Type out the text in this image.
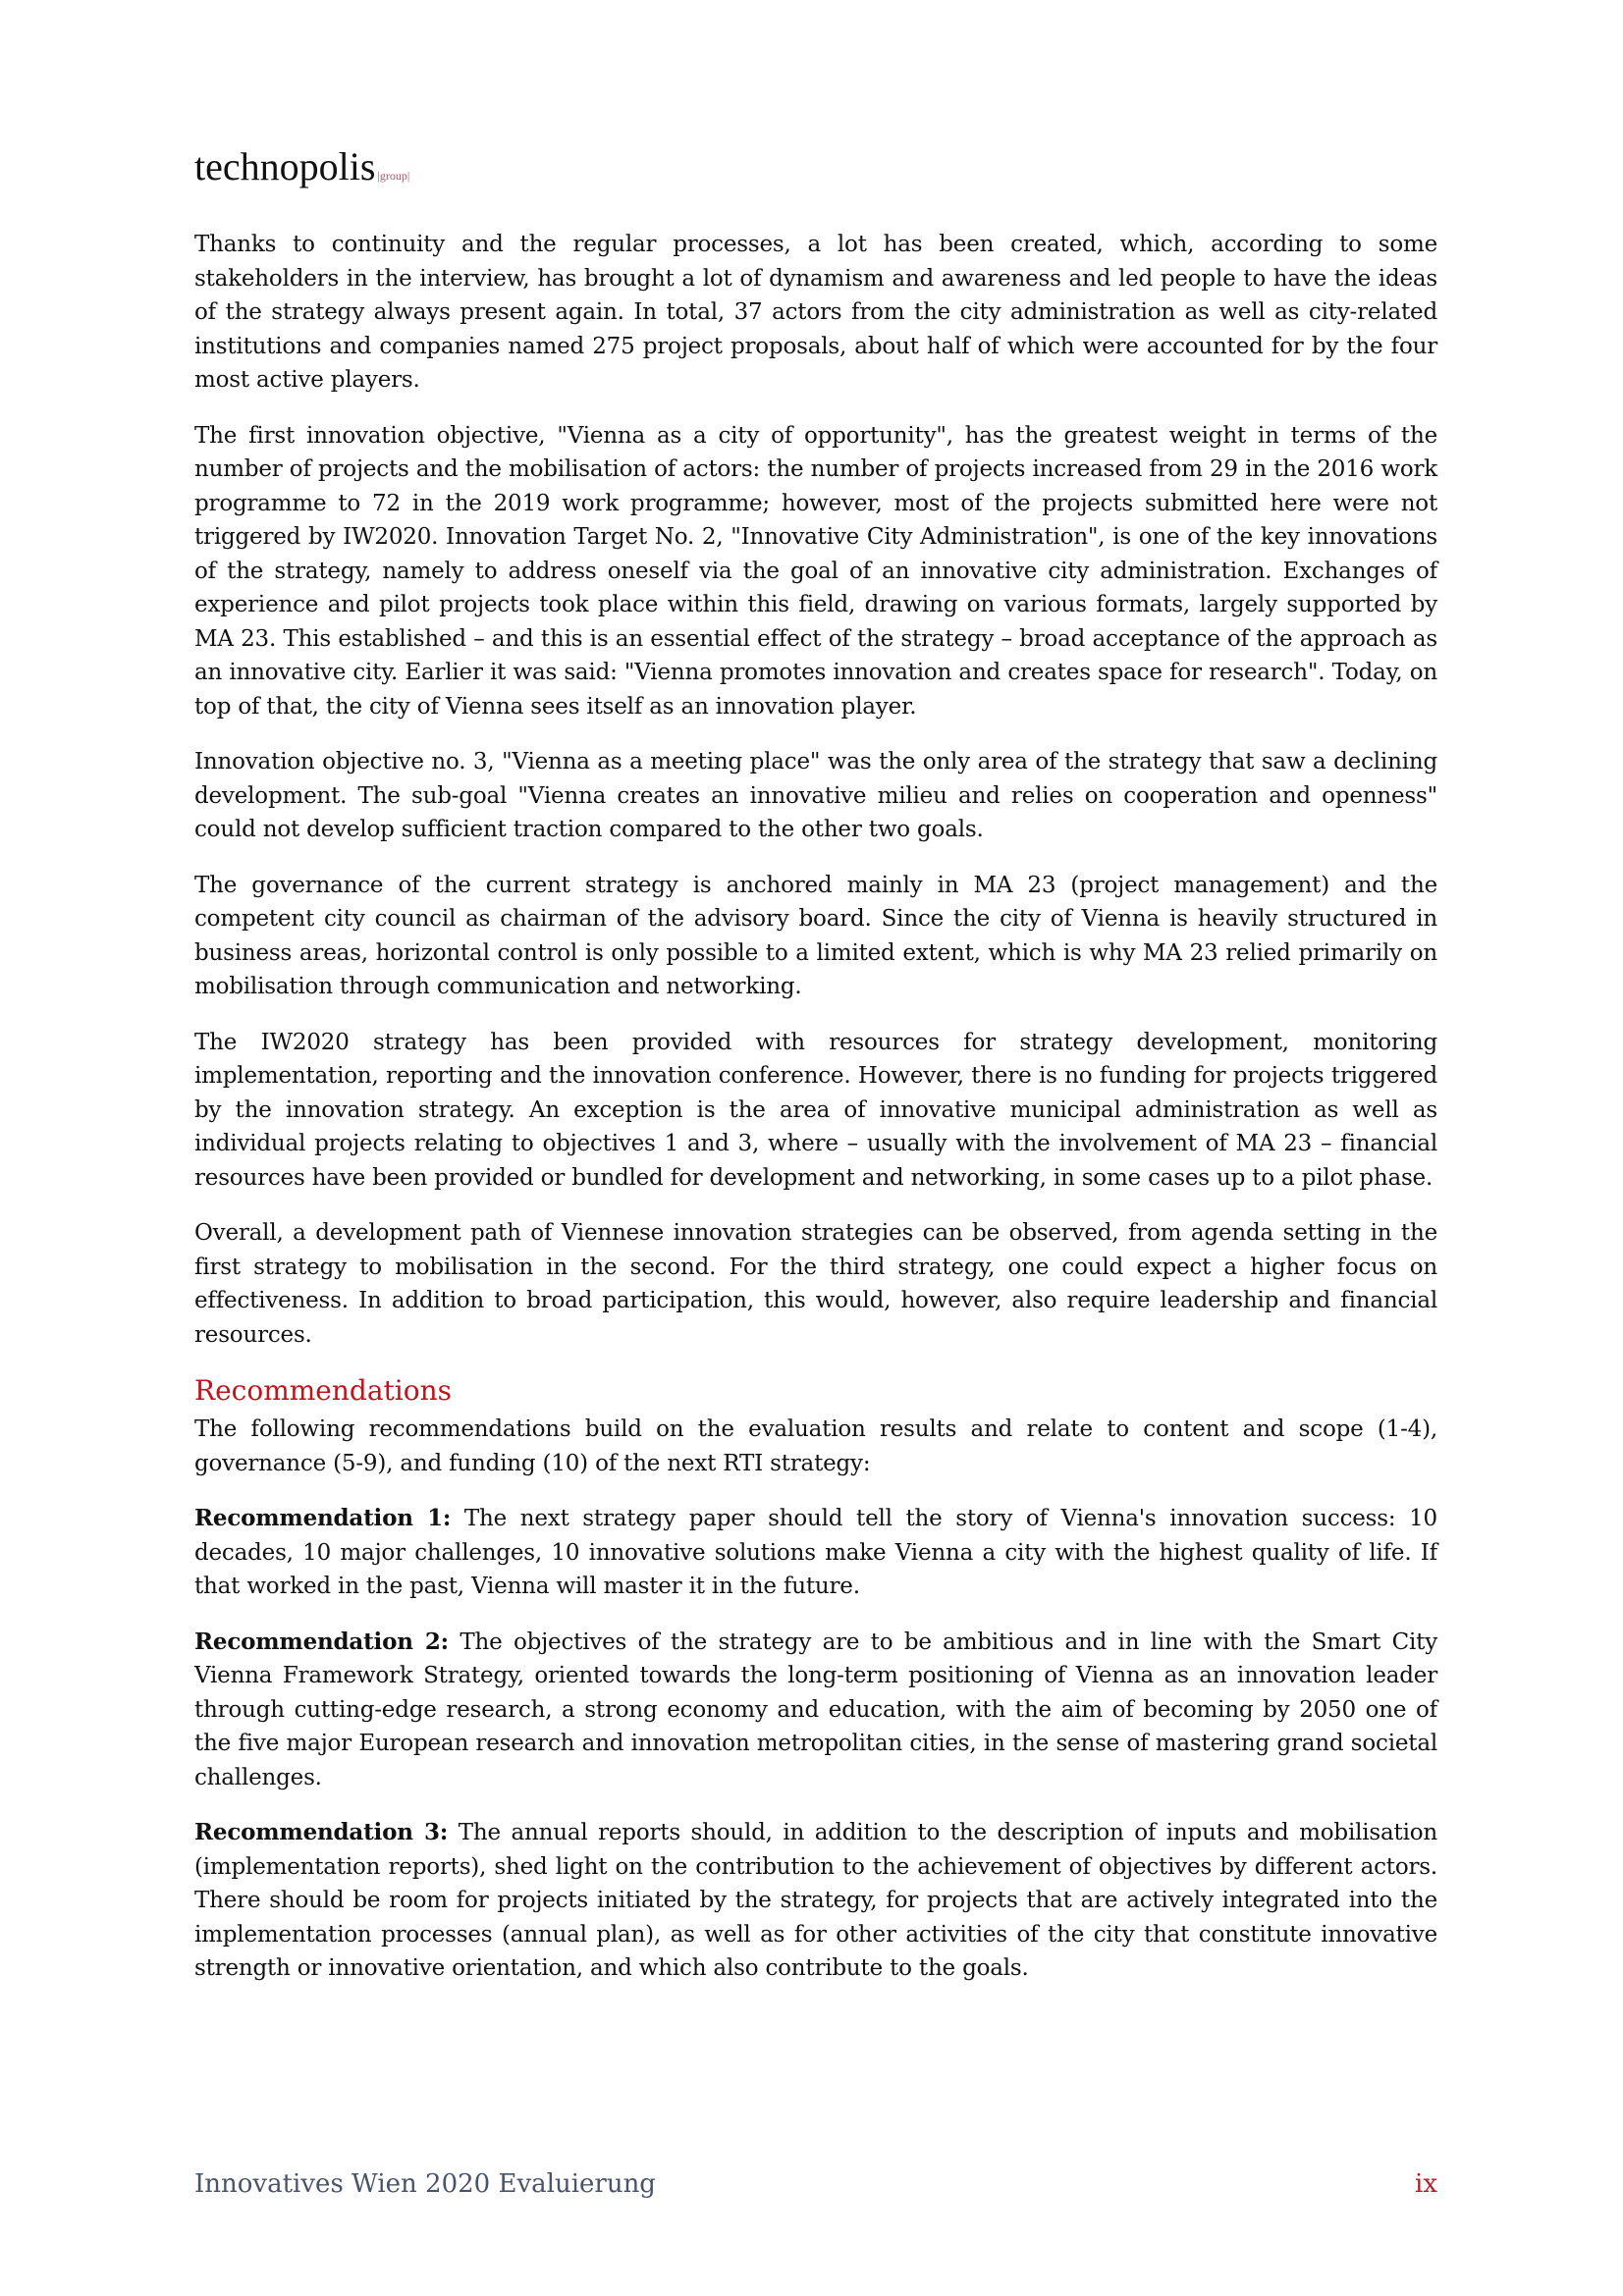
technopolis |group|

Thanks to continuity and the regular processes, a lot has been created, which, according to some stakeholders in the interview, has brought a lot of dynamism and awareness and led people to have the ideas of the strategy always present again. In total, 37 actors from the city administration as well as city-related institutions and companies named 275 project proposals, about half of which were accounted for by the four most active players.

The first innovation objective, "Vienna as a city of opportunity", has the greatest weight in terms of the number of projects and the mobilisation of actors: the number of projects increased from 29 in the 2016 work programme to 72 in the 2019 work programme; however, most of the projects submitted here were not triggered by IW2020. Innovation Target No. 2, "Innovative City Administration", is one of the key innovations of the strategy, namely to address oneself via the goal of an innovative city administration. Exchanges of experience and pilot projects took place within this field, drawing on various formats, largely supported by MA 23. This established – and this is an essential effect of the strategy – broad acceptance of the approach as an innovative city. Earlier it was said: "Vienna promotes innovation and creates space for research". Today, on top of that, the city of Vienna sees itself as an innovation player.

Innovation objective no. 3, "Vienna as a meeting place" was the only area of the strategy that saw a declining development. The sub-goal "Vienna creates an innovative milieu and relies on cooperation and openness" could not develop sufficient traction compared to the other two goals.

The governance of the current strategy is anchored mainly in MA 23 (project management) and the competent city council as chairman of the advisory board. Since the city of Vienna is heavily structured in business areas, horizontal control is only possible to a limited extent, which is why MA 23 relied primarily on mobilisation through communication and networking.

The IW2020 strategy has been provided with resources for strategy development, monitoring implementation, reporting and the innovation conference. However, there is no funding for projects triggered by the innovation strategy. An exception is the area of innovative municipal administration as well as individual projects relating to objectives 1 and 3, where – usually with the involvement of MA 23 – financial resources have been provided or bundled for development and networking, in some cases up to a pilot phase.

Overall, a development path of Viennese innovation strategies can be observed, from agenda setting in the first strategy to mobilisation in the second. For the third strategy, one could expect a higher focus on effectiveness. In addition to broad participation, this would, however, also require leadership and financial resources.

Recommendations

The following recommendations build on the evaluation results and relate to content and scope (1-4), governance (5-9), and funding (10) of the next RTI strategy:

Recommendation 1: The next strategy paper should tell the story of Vienna's innovation success: 10 decades, 10 major challenges, 10 innovative solutions make Vienna a city with the highest quality of life. If that worked in the past, Vienna will master it in the future.

Recommendation 2: The objectives of the strategy are to be ambitious and in line with the Smart City Vienna Framework Strategy, oriented towards the long-term positioning of Vienna as an innovation leader through cutting-edge research, a strong economy and education, with the aim of becoming by 2050 one of the five major European research and innovation metropolitan cities, in the sense of mastering grand societal challenges.

Recommendation 3: The annual reports should, in addition to the description of inputs and mobilisation (implementation reports), shed light on the contribution to the achievement of objectives by different actors. There should be room for projects initiated by the strategy, for projects that are actively integrated into the implementation processes (annual plan), as well as for other activities of the city that constitute innovative strength or innovative orientation, and which also contribute to the goals.

Innovatives Wien 2020 Evaluierung	ix
